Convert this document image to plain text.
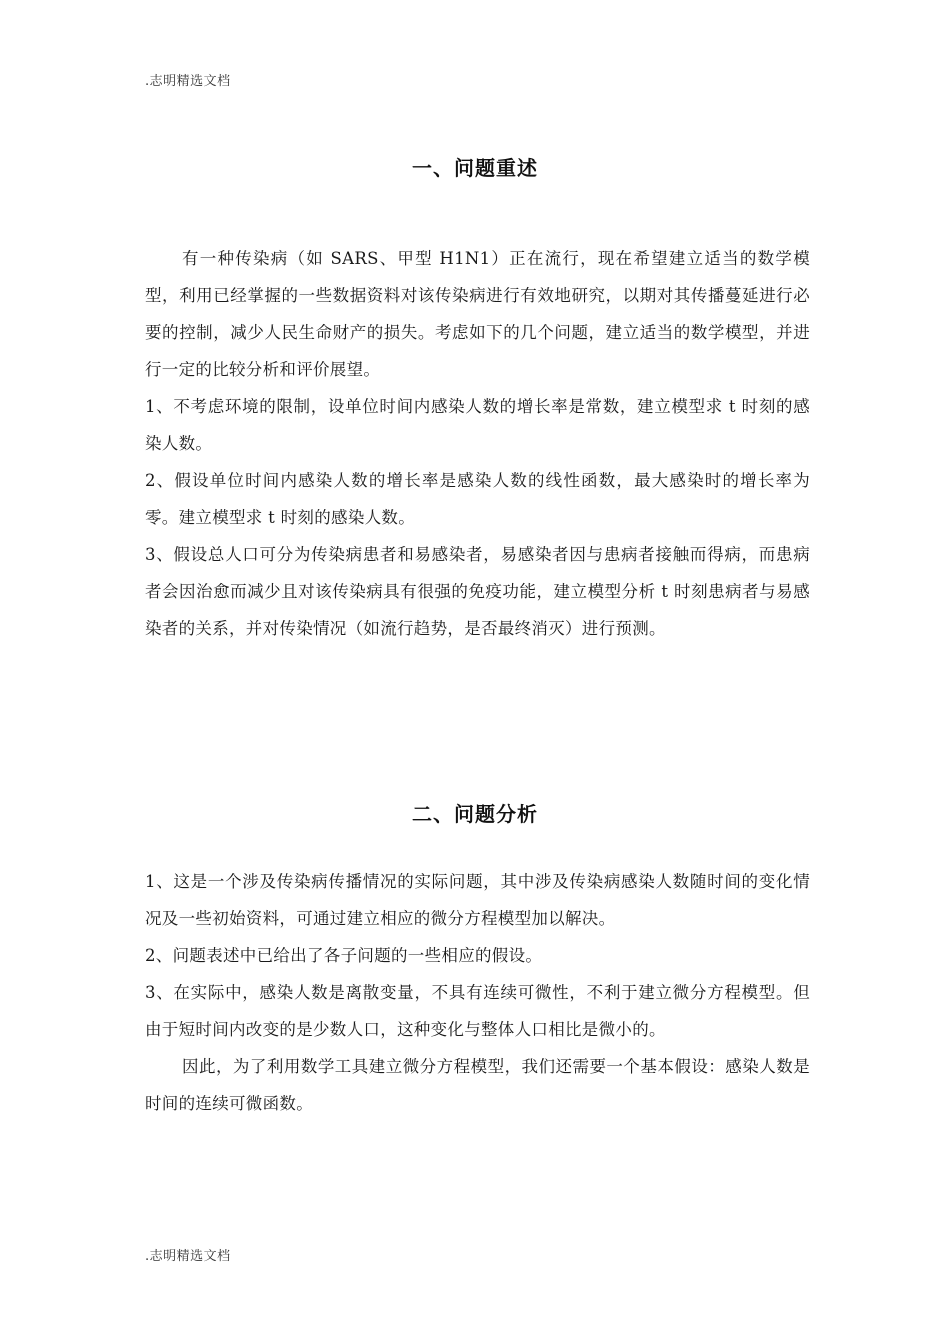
.志明精选文档
一、问题重述

有一种传染病（如 SARS、甲型 H1N1）正在流行，现在希望建立适当的数学模型，利用已经掌握的一些数据资料对该传染病进行有效地研究，以期对其传播蔓延进行必要的控制，减少人民生命财产的损失。考虑如下的几个问题，建立适当的数学模型，并进行一定的比较分析和评价展望。

1、不考虑环境的限制，设单位时间内感染人数的增长率是常数，建立模型求 t 时刻的感染人数。

2、假设单位时间内感染人数的增长率是感染人数的线性函数，最大感染时的增长率为零。建立模型求 t 时刻的感染人数。

3、假设总人口可分为传染病患者和易感染者，易感染者因与患病者接触而得病，而患病者会因治愈而减少且对该传染病具有很强的免疫功能，建立模型分析 t 时刻患病者与易感染者的关系，并对传染情况（如流行趋势，是否最终消灭）进行预测。

二、问题分析

1、这是一个涉及传染病传播情况的实际问题，其中涉及传染病感染人数随时间的变化情况及一些初始资料，可通过建立相应的微分方程模型加以解决。

2、问题表述中已给出了各子问题的一些相应的假设。

3、在实际中，感染人数是离散变量，不具有连续可微性，不利于建立微分方程模型。但由于短时间内改变的是少数人口，这种变化与整体人口相比是微小的。

因此，为了利用数学工具建立微分方程模型，我们还需要一个基本假设：感染人数是时间的连续可微函数。

.志明精选文档
